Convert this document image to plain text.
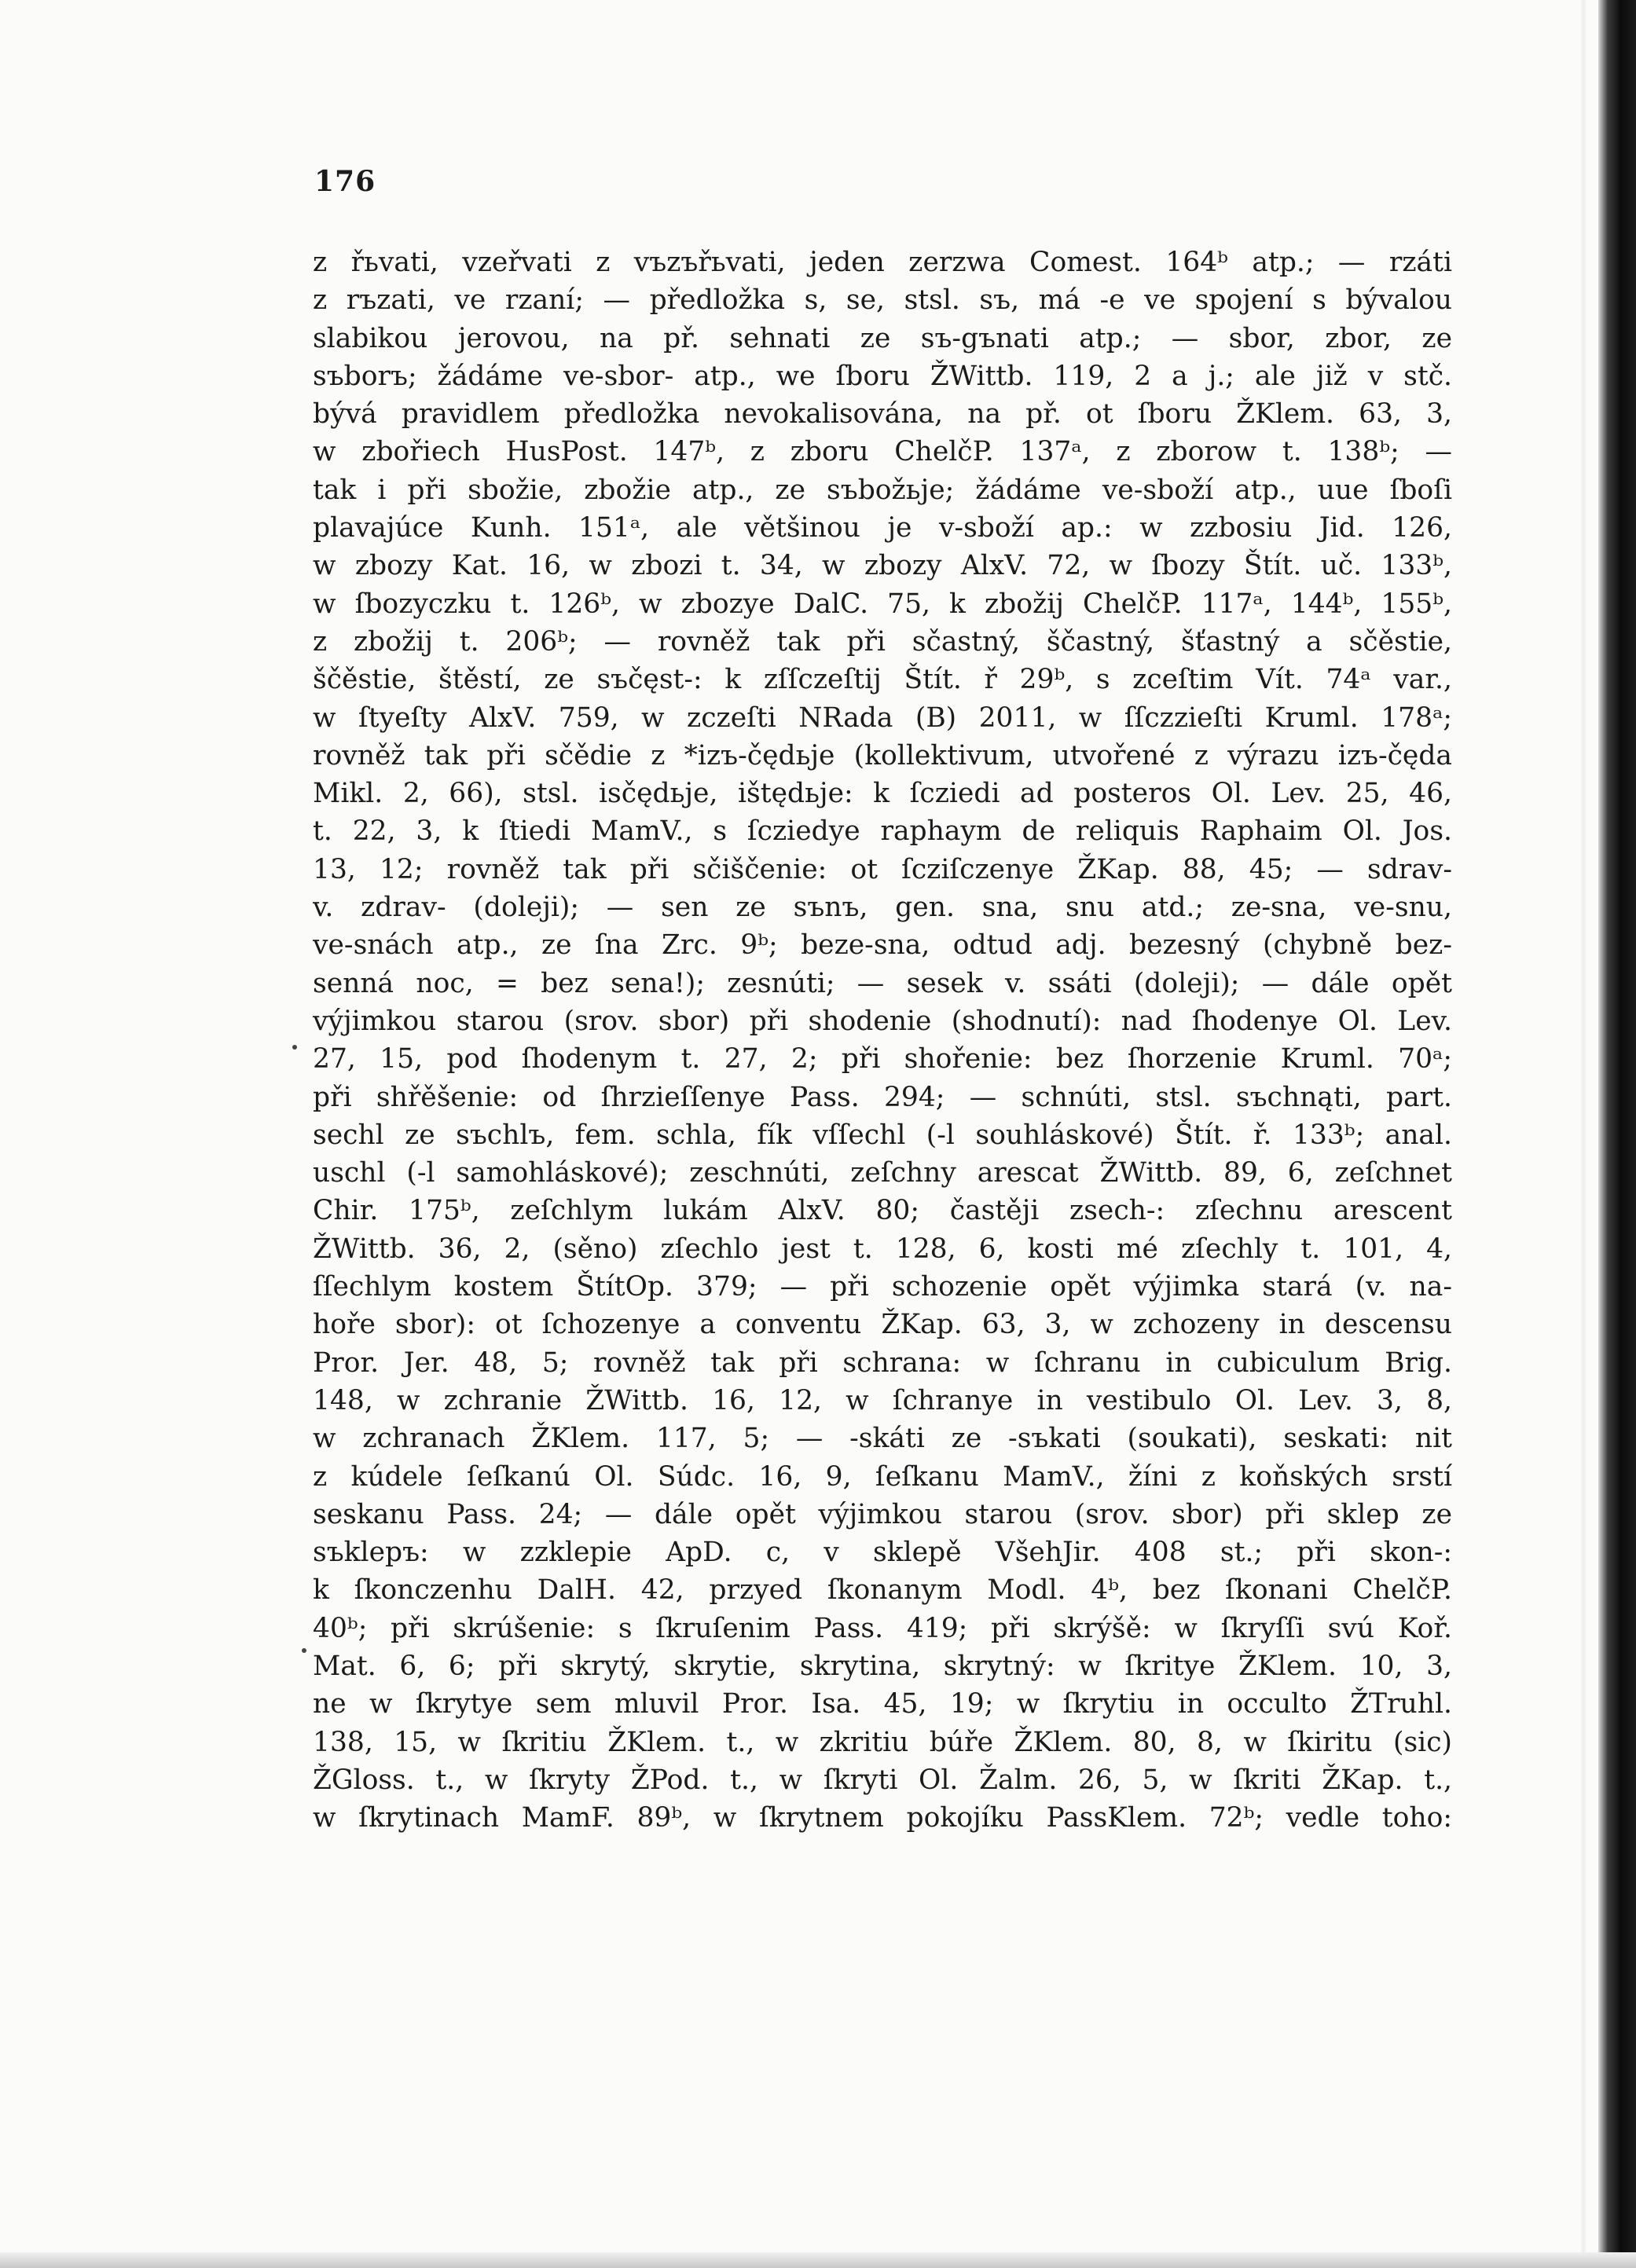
176
z řьvati, vzeřvati z vъzъřьvati, jeden zerzwa Comest. 164ᵇ atp.; — rzáti
z rъzati, ve rzaní; — předložka s, se, stsl. sъ, má -e ve spojení s bývalou
slabikou jerovou, na př. sehnati ze sъ-gъnati atp.; — sbor, zbor, ze
sъborъ; žádáme ve-sbor- atp., we ſboru ŽWittb. 119, 2 a j.; ale již v stč.
bývá pravidlem předložka nevokalisována, na př. ot ſboru ŽKlem. 63, 3,
w zbořiech HusPost. 147ᵇ, z zboru ChelčP. 137ᵃ, z zborow t. 138ᵇ; —
tak i při sbožie, zbožie atp., ze sъbožьje; žádáme ve-sboží atp., uue ſboſi
plavajúce Kunh. 151ᵃ, ale většinou je v-sboží ap.: w zzbosiu Jid. 126,
w zbozy Kat. 16, w zbozi t. 34, w zbozy AlxV. 72, w ſbozy Štít. uč. 133ᵇ,
w ſbozyczku t. 126ᵇ, w zbozye DalC. 75, k zbožij ChelčP. 117ᵃ, 144ᵇ, 155ᵇ,
z zbožij t. 206ᵇ; — rovněž tak při sčastný, ščastný, šťastný a sčěstie,
ščěstie, štěstí, ze sъčęst-: k zſſczeſtij Štít. ř 29ᵇ, s zceſtim Vít. 74ᵃ var.,
w ſtyeſty AlxV. 759, w zczeſti NRada (B) 2011, w ſſczzieſti Kruml. 178ᵃ;
rovněž tak při sčědie z *izъ-čędьje (kollektivum, utvořené z výrazu izъ-čęda
Mikl. 2, 66), stsl. isčędьje, ištędьje: k ſcziedi ad posteros Ol. Lev. 25, 46,
t. 22, 3, k ſtiedi MamV., s ſcziedye raphaym de reliquis Raphaim Ol. Jos.
13, 12; rovněž tak při sčiščenie: ot ſcziſczenye ŽKap. 88, 45; — sdrav-
v. zdrav- (doleji); — sen ze sъnъ, gen. sna, snu atd.; ze-sna, ve-snu,
ve-snách atp., ze ſna Zrc. 9ᵇ; beze-sna, odtud adj. bezesný (chybně bez-
senná noc, = bez sena!); zesnúti; — sesek v. ssáti (doleji); — dále opět
výjimkou starou (srov. sbor) při shodenie (shodnutí): nad ſhodenye Ol. Lev.
27, 15, pod ſhodenym t. 27, 2; při shořenie: bez ſhorzenie Kruml. 70ᵃ;
při shřěšenie: od ſhrzieſſenye Pass. 294; — schnúti, stsl. sъchnąti, part.
sechl ze sъchlъ, fem. schla, fík vſſechl (-l souhláskové) Štít. ř. 133ᵇ; anal.
uschl (-l samohláskové); zeschnúti, zeſchny arescat ŽWittb. 89, 6, zeſchnet
Chir. 175ᵇ, zeſchlym lukám AlxV. 80; častěji zsech-: zſechnu arescent
ŽWittb. 36, 2, (sěno) zſechlo jest t. 128, 6, kosti mé zſechly t. 101, 4,
ſſechlym kostem ŠtítOp. 379; — při schozenie opět výjimka stará (v. na-
hoře sbor): ot ſchozenye a conventu ŽKap. 63, 3, w zchozeny in descensu
Pror. Jer. 48, 5; rovněž tak při schrana: w ſchranu in cubiculum Brig.
148, w zchranie ŽWittb. 16, 12, w ſchranye in vestibulo Ol. Lev. 3, 8,
w zchranach ŽKlem. 117, 5; — -skáti ze -sъkati (soukati), seskati: nit
z kúdele ſeſkanú Ol. Súdc. 16, 9, ſeſkanu MamV., žíni z koňských srstí
seskanu Pass. 24; — dále opět výjimkou starou (srov. sbor) při sklep ze
sъklepъ: w zzklepie ApD. c, v sklepě VšehJir. 408 st.; při skon-:
k ſkonczenhu DalH. 42, przyed ſkonanym Modl. 4ᵇ, bez ſkonani ChelčP.
40ᵇ; při skrúšenie: s ſkruſenim Pass. 419; při skrýšě: w ſkryſſi svú Koř.
Mat. 6, 6; při skrytý, skrytie, skrytina, skrytný: w ſkritye ŽKlem. 10, 3,
ne w ſkrytye sem mluvil Pror. Isa. 45, 19; w ſkrytiu in occulto ŽTruhl.
138, 15, w ſkritiu ŽKlem. t., w zkritiu búře ŽKlem. 80, 8, w ſkiritu (sic)
ŽGloss. t., w ſkryty ŽPod. t., w ſkryti Ol. Žalm. 26, 5, w ſkriti ŽKap. t.,
w ſkrytinach MamF. 89ᵇ, w ſkrytnem pokojíku PassKlem. 72ᵇ; vedle toho:
